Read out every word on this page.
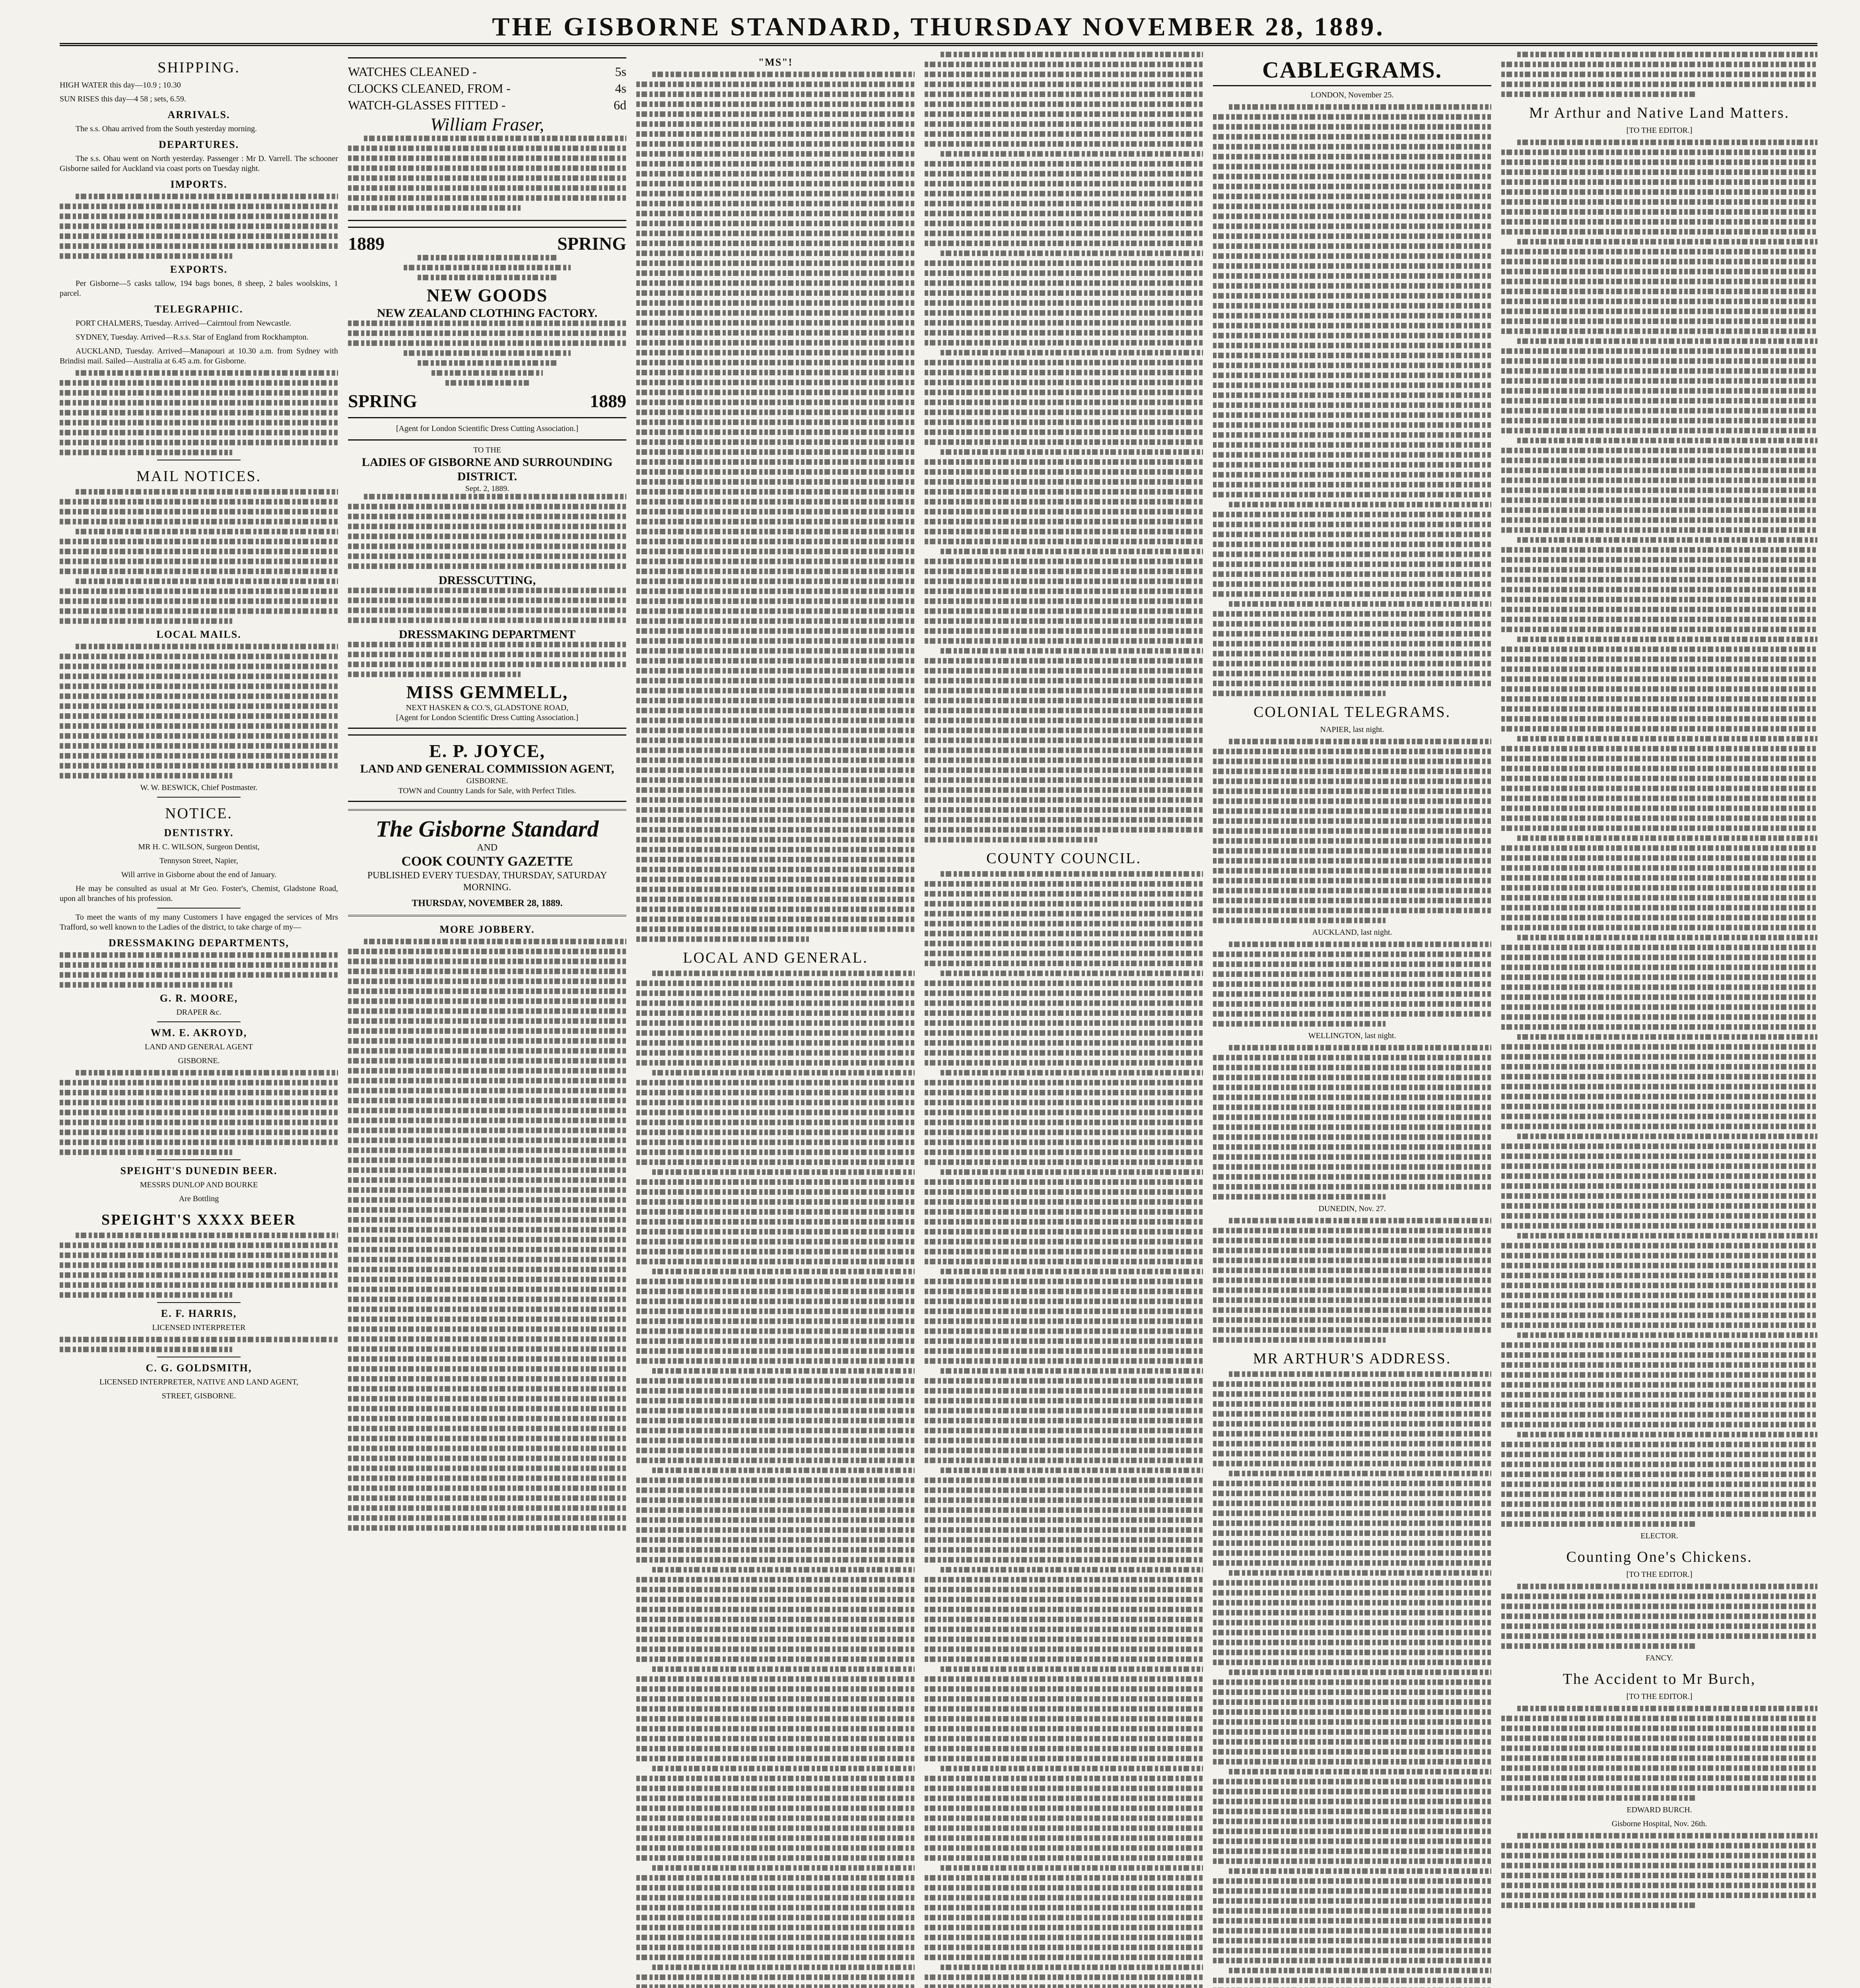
THE GISBORNE STANDARD, THURSDAY NOVEMBER 28, 1889.
SHIPPING.

HIGH WATER this day—10.9 ; 10.30

SUN RISES this day—4 58 ; sets, 6.59.

ARRIVALS.

The s.s. Ohau arrived from the South yesterday morning.

DEPARTURES.

The s.s. Ohau went on North yesterday. Passenger : Mr D. Varrell. The schooner Gisborne sailed for Auckland via coast ports on Tuesday night.

IMPORTS.
EXPORTS.

Per Gisborne—5 casks tallow, 194 bags bones, 8 sheep, 2 bales woolskins, 1 parcel.

TELEGRAPHIC.

PORT CHALMERS, Tuesday. Arrived—Cairntoul from Newcastle.

SYDNEY, Tuesday. Arrived—R.s.s. Star of England from Rockhampton.

AUCKLAND, Tuesday. Arrived—Manapouri at 10.30 a.m. from Sydney with Brindisi mail. Sailed—Australia at 6.45 a.m. for Gisborne.

MAIL NOTICES.
LOCAL MAILS.

W. W. BESWICK, Chief Postmaster.

NOTICE.
DENTISTRY.

MR H. C. WILSON, Surgeon Dentist,

Tennyson Street, Napier,

Will arrive in Gisborne about the end of January.

He may be consulted as usual at Mr Geo. Foster's, Chemist, Gladstone Road, upon all branches of his profession.

To meet the wants of my many Customers I have engaged the services of Mrs Trafford, so well known to the Ladies of the district, to take charge of my—

DRESSMAKING DEPARTMENTS,
G. R. MOORE,

DRAPER &c.

WM. E. AKROYD,

LAND AND GENERAL AGENT

GISBORNE.

SPEIGHT'S DUNEDIN BEER.

MESSRS DUNLOP AND BOURKE

Are Bottling

SPEIGHT'S XXXX BEER
E. F. HARRIS,

LICENSED INTERPRETER

C. G. GOLDSMITH,

LICENSED INTERPRETER, NATIVE AND LAND AGENT,

STREET, GISBORNE.

WATCHES CLEANED -	5s
CLOCKS CLEANED, FROM -	4s
WATCH-GLASSES FITTED -	6d
William Fraser,
1889	SPRING
NEW GOODS
NEW ZEALAND CLOTHING FACTORY.
SPRING	1889

[Agent for London Scientific Dress Cutting Association.]

TO THE
LADIES OF GISBORNE AND SURROUNDING DISTRICT.
Sept. 2, 1889.
DRESSCUTTING,
DRESSMAKING DEPARTMENT
MISS GEMMELL,
NEXT HASKEN & CO.'S, GLADSTONE ROAD,
[Agent for London Scientific Dress Cutting Association.]
E. P. JOYCE,
LAND AND GENERAL COMMISSION AGENT,
GISBORNE.
TOWN and Country Lands for Sale, with Perfect Titles.
The Gisborne Standard
AND
COOK COUNTY GAZETTE
PUBLISHED EVERY TUESDAY, THURSDAY, SATURDAY MORNING.
THURSDAY, NOVEMBER 28, 1889.
MORE JOBBERY.
"MS"!
LOCAL AND GENERAL.
COUNTY COUNCIL.
CABLEGRAMS.

LONDON, November 25.

COLONIAL TELEGRAMS.

NAPIER, last night.

AUCKLAND, last night.

WELLINGTON, last night.

DUNEDIN, Nov. 27.

MR ARTHUR'S ADDRESS.
Mr Arthur and Native Land Matters.

[TO THE EDITOR.]

ELECTOR.

Counting One's Chickens.

[TO THE EDITOR.]

FANCY.

The Accident to Mr Burch,

[TO THE EDITOR.]

EDWARD BURCH.

Gisborne Hospital, Nov. 26th.
